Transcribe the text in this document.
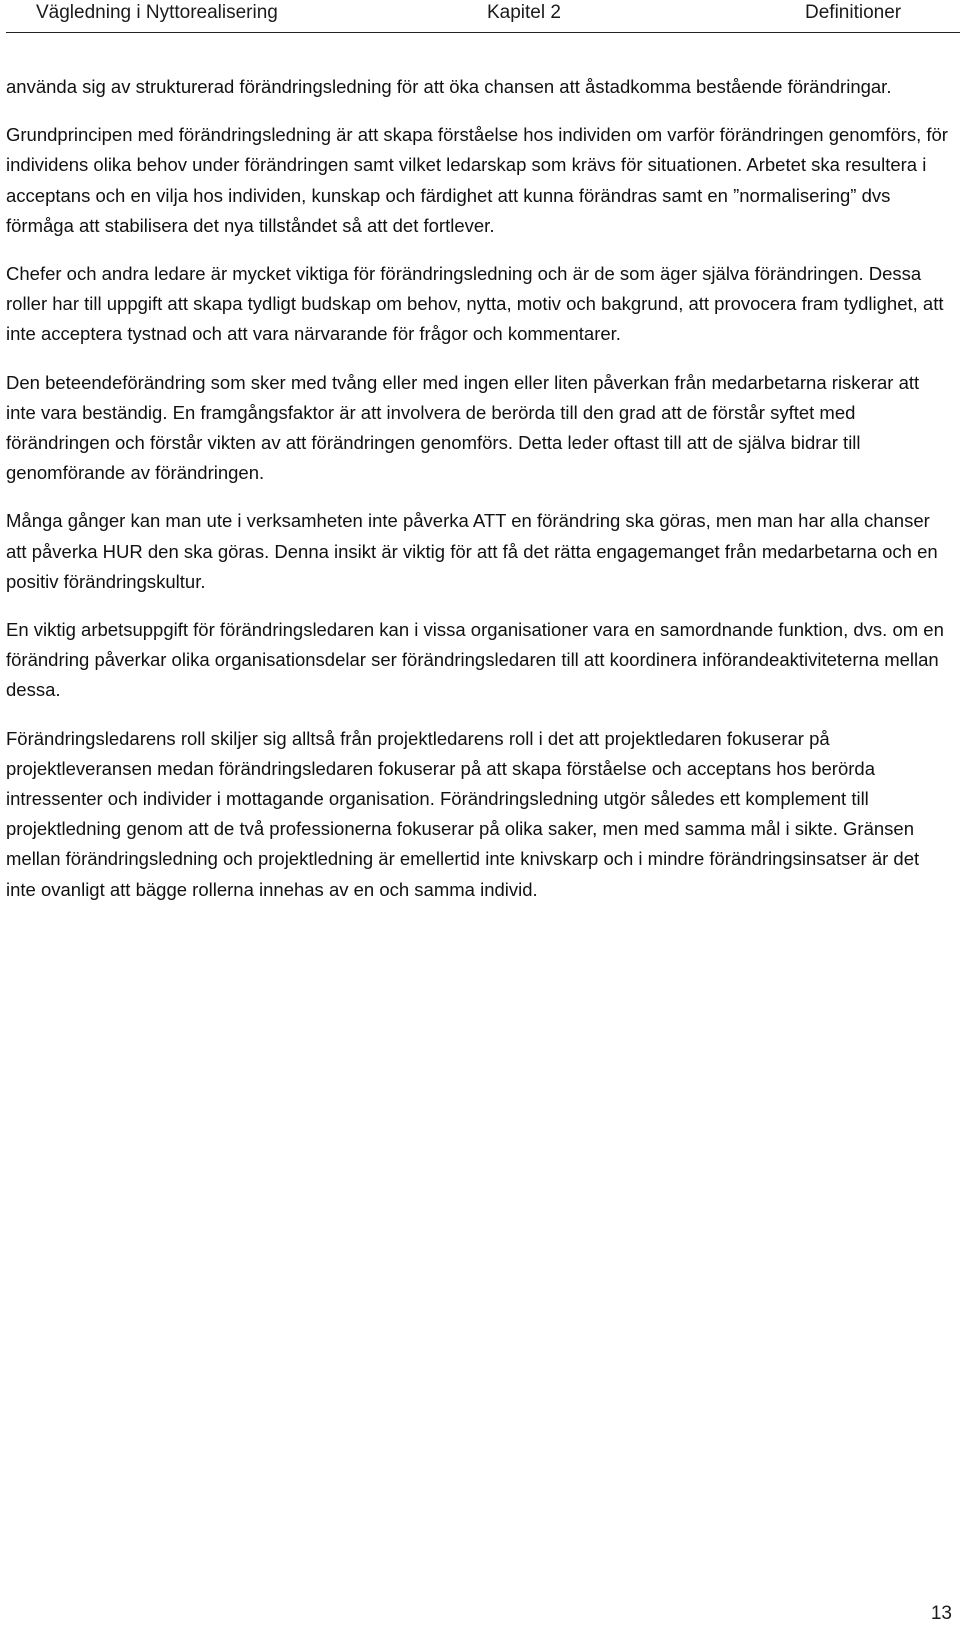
Vägledning i Nyttorealisering	Kapitel 2	Definitioner

använda sig av strukturerad förändringsledning för att öka chansen att åstadkomma bestående förändringar.

Grundprincipen med förändringsledning är att skapa förståelse hos individen om varför förändringen genomförs, för individens olika behov under förändringen samt vilket ledarskap som krävs för situationen. Arbetet ska resultera i acceptans och en vilja hos individen, kunskap och färdighet att kunna förändras samt en ”normalisering” dvs förmåga att stabilisera det nya tillståndet så att det fortlever.

Chefer och andra ledare är mycket viktiga för förändringsledning och är de som äger själva förändringen. Dessa roller har till uppgift att skapa tydligt budskap om behov, nytta, motiv och bakgrund, att provocera fram tydlighet, att inte acceptera tystnad och att vara närvarande för frågor och kommentarer.

Den beteendeförändring som sker med tvång eller med ingen eller liten påverkan från medarbetarna riskerar att inte vara beständig. En framgångsfaktor är att involvera de berörda till den grad att de förstår syftet med förändringen och förstår vikten av att förändringen genomförs. Detta leder oftast till att de själva bidrar till genomförande av förändringen.

Många gånger kan man ute i verksamheten inte påverka ATT en förändring ska göras, men man har alla chanser att påverka HUR den ska göras. Denna insikt är viktig för att få det rätta engagemanget från medarbetarna och en positiv förändringskultur.

En viktig arbetsuppgift för förändringsledaren kan i vissa organisationer vara en samordnande funktion, dvs. om en förändring påverkar olika organisationsdelar ser förändringsledaren till att koordinera införandeaktiviteterna mellan dessa.

Förändringsledarens roll skiljer sig alltså från projektledarens roll i det att projektledaren fokuserar på projektleveransen medan förändringsledaren fokuserar på att skapa förståelse och acceptans hos berörda intressenter och individer i mottagande organisation. Förändringsledning utgör således ett komplement till projektledning genom att de två professionerna fokuserar på olika saker, men med samma mål i sikte. Gränsen mellan förändringsledning och projektledning är emellertid inte knivskarp och i mindre förändringsinsatser är det inte ovanligt att bägge rollerna innehas av en och samma individ.

13
